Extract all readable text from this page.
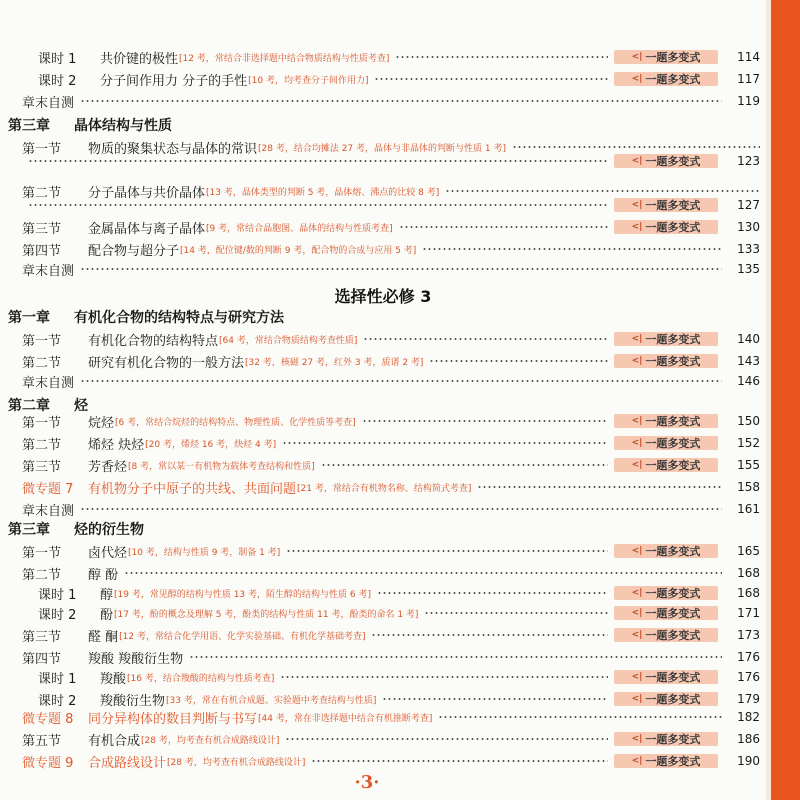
课时 1	共价键的极性 [12 考，常结合非选择题中结合物质结构与性质考查]	<| 一题多变式	114
课时 2	分子间作用力 分子的手性 [10 考，均考查分子间作用力]	<| 一题多变式	117
章末自测	119
第三章	晶体结构与性质
第一节	物质的聚集状态与晶体的常识 [28 考，结合均摊法 27 考，晶体与非晶体的判断与性质 1 考]
<| 一题多变式	123
第二节	分子晶体与共价晶体 [13 考，晶体类型的判断 5 考，晶体熔、沸点的比较 8 考]
<| 一题多变式	127
第三节	金属晶体与离子晶体 [9 考，常结合晶胞图、晶体的结构与性质考查]	<| 一题多变式	130
第四节	配合物与超分子 [14 考，配位键/数的判断 9 考，配合物的合成与应用 5 考]	133
章末自测	135
第一章	有机化合物的结构特点与研究方法
第一节	有机化合物的结构特点 [64 考，常结合物质结构考查性质]	<| 一题多变式	140
第二节	研究有机化合物的一般方法 [32 考，核磁 27 考，红外 3 考，质谱 2 考]	<| 一题多变式	143
章末自测	146
第二章	烃
第一节	烷烃 [6 考，常结合烷烃的结构特点、物理性质、化学性质等考查]	<| 一题多变式	150
第二节	烯烃 炔烃 [20 考，烯烃 16 考，炔烃 4 考]	<| 一题多变式	152
第三节	芳香烃 [8 考，常以某一有机物为载体考查结构和性质]	<| 一题多变式	155
微专题 7	有机物分子中原子的共线、共面问题 [21 考，常结合有机物名称、结构简式考查]	158
章末自测	161
第三章	烃的衍生物
第一节	卤代烃 [10 考，结构与性质 9 考，制备 1 考]	<| 一题多变式	165
第二节	醇 酚	168
课时 1	醇 [19 考，常见醇的结构与性质 13 考，陌生醇的结构与性质 6 考]	<| 一题多变式	168
课时 2	酚 [17 考，酚的概念及理解 5 考，酚类的结构与性质 11 考，酚类的命名 1 考]	<| 一题多变式	171
第三节	醛 酮 [12 考，常结合化学用语、化学实验基础、有机化学基础考查]	<| 一题多变式	173
第四节	羧酸 羧酸衍生物	176
课时 1	羧酸 [16 考，结合羧酸的结构与性质考查]	<| 一题多变式	176
课时 2	羧酸衍生物 [33 考，常在有机合成题、实验题中考查结构与性质]	<| 一题多变式	179
微专题 8	同分异构体的数目判断与书写 [44 考，常在非选择题中结合有机推断考查]	182
第五节	有机合成 [28 考，均考查有机合成路线设计]	<| 一题多变式	186
微专题 9	合成路线设计 [28 考，均考查有机合成路线设计]	<| 一题多变式	190
选择性必修 3
·3·
